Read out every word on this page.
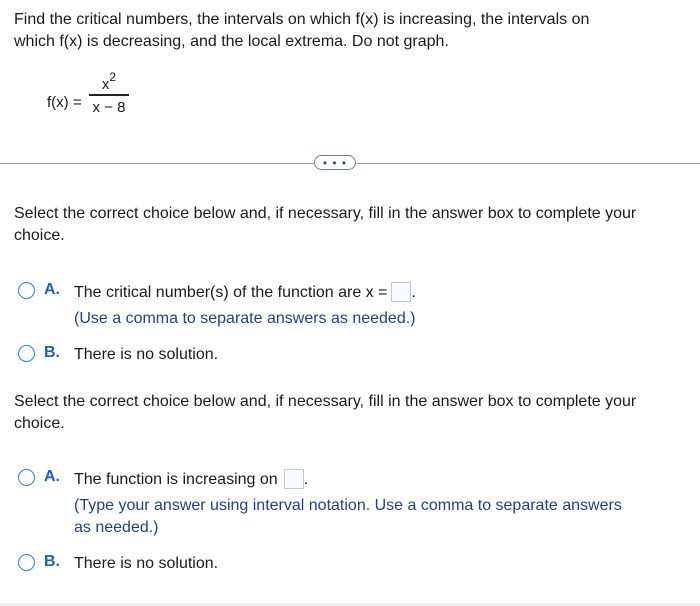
Find the critical numbers, the intervals on which f(x) is increasing, the intervals on
which f(x) is decreasing, and the local extrema. Do not graph.
f(x) =
$x^2$
x − 8
• • •
Select the correct choice below and, if necessary, fill in the answer box to complete your
choice.
A. The critical number(s) of the function are x = .
(Use a comma to separate answers as needed.)
B. There is no solution.
Select the correct choice below and, if necessary, fill in the answer box to complete your
choice.
A. The function is increasing on .
(Type your answer using interval notation. Use a comma to separate answers
as needed.)
B. There is no solution.
